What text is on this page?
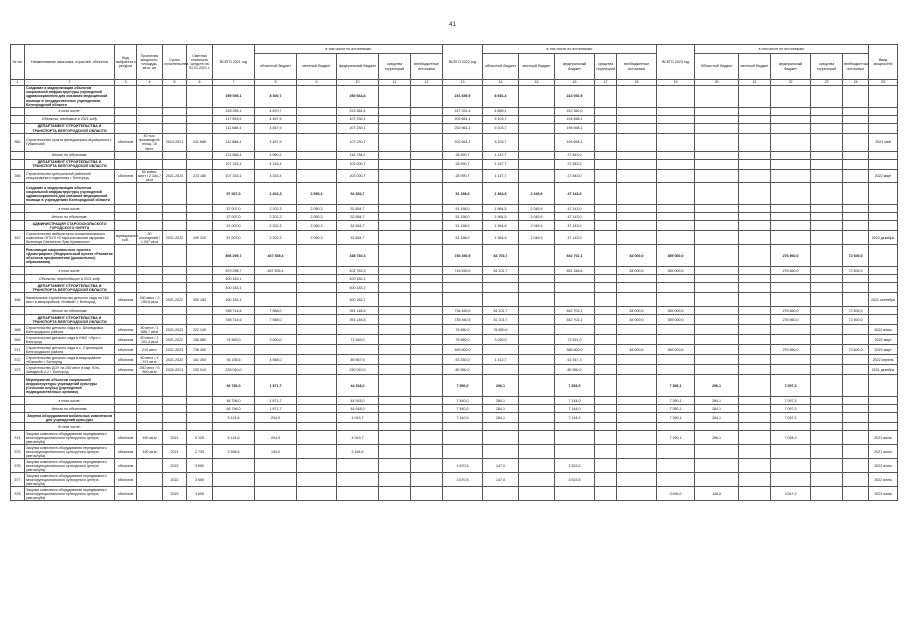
41
№ п/п	Наименование заказчика, отраслей, объектов	Вид выбранного ресурса	Проектная мощность, площадь, кв.м, шт	Сроки строительства	Сметная стоимость средств на 01.01.2021 г.	ВСЕГО 2021 год	в том числе по источникам:					ВСЕГО 2022 год	в том числе по источникам:					ВСЕГО 2023 год	в том числе по источникам:					Ввод мощностей
							областной бюджет	местный бюджет	федеральный бюджет	средства территорий	внебюджетные источники		областной бюджет	местный бюджет	федеральный бюджет	средства территорий	внебюджетные источники		Областной бюджет	местный бюджет	федеральный бюджет	средства территорий	внебюджетные источники	
1	2	3	4	5	6	7	8	9	10	11	12	13	14	15	16	17	18	19	20	21	22	23	24	25
	Создание и модернизация объектов социальной инфраструктуры учреждений здравоохранения для оказания медицинской помощи в государственных учреждениях Белгородской области					259 055,1	8 300,7		250 664,8			231 659,9	8 651,4		222 092,9									
	в том числе:					228 255,1	4 870,7		223 384,4			227 251,4	4 889,4		222 362,0									
	Объекты, вводимые в 2021 году					117 593,5	4 457,9		107 230,1			202 661,1	5 103,7		194 658,1									
	ДЕПАРТАМЕНТ СТРОИТЕЛЬСТВА И ТРАНСПОРТА БЕЛГОРОДСКОЙ ОБЛАСТИ					111 688,4	4 457,9		107 230,1			202 661,1	5 103,7		194 658,1									
562	Строительство пункта фельдшерско-акушерского г. Губкинский	объектов	40 тыс. производств. площ. 15 мест	2019-2021	311 686	111 688,4	4 457,9		107 230,1			202 661,1	5 103,7		194 658,1									2021 май
	Итого по объектам:					121 688,4	4 950,2		116 738,2			28 990,7	1 147,7		27 843,0									
	ДЕПАРТАМЕНТ СТРОИТЕЛЬСТВА И ТРАНСПОРТА БЕЛГОРОДСКОЙ ОБЛАСТИ					107 153,1	4 153,4		103 000,7			28 990,7	1 147,7		27 843,0									
356	Строительство центральной районной стационарного отделения г. Белгород	объектов	50 койко-мест / 2 184,7 кв.м	2021-2023	223 185	107 153,1	4 153,4		103 000,7			28 990,7	1 147,7		27 843,0									2022 март
	Создание и модернизация объектов социальной инфраструктуры учреждений здравоохранения для оказания медицинской помощи в учреждениях Белгородской области					57 007,0	2 202,3	2 050,3	52 654,7			51 158,0	1 964,5	2 045,9	47 143,0									
	в том числе:					57 007,0	2 202,3	2 050,3	52 654,7			51 158,0	1 964,5	2 045,9	47 143,0									
	Итого по объектам:					57 007,0	2 202,3	2 050,3	52 654,7			51 158,0	1 964,5	2 045,9	47 143,0									
	АДМИНИСТРАЦИЯ СТАРООСКОЛЬСКОГО ГОРОДСКОГО ОКРУГА					57 007,0	2 202,3	2 050,3	52 654,7			51 158,0	1 964,5	2 045,9	47 143,0									
467	Строительство амбулаторно-поликлинического комплекса ОГБУЗ «Старооскольская окружная больница Святителя Луки Крымского»	муниципальн. соб.	30 посещений / 1 057 кв.м	2021-2022	109 310	57 007,0	2 202,3	2 050,3	52 654,7			51 158,0	1 964,5	2 045,9	47 143,0									2022 декабрь
	Реализация национального проекта «Демография» (Федеральный проект «Развитие объектов профилактики (дошкольное) образования)					806 295,7	467 535,4		338 760,3			736 450,5	84 703,7		542 702,1		84 000,0	359 000,0			276 560,0		72 600,0	
	в том числе:					870 298,7	467 535,4		402 763,3			716 450,5	81 101,7		551 348,8		84 000,0	359 000,0			276 560,0		72 600,0	
	Объекты, переходящие в 2021 году					400 183,1			400 183,1															
	ДЕПАРТАМЕНТ СТРОИТЕЛЬСТВА И ТРАНСПОРТА БЕЛГОРОДСКОЙ ОБЛАСТИ					400 183,1			400 183,1															
466	Капитальное строительство детского сада на 160 мест в микрорайоне «Новый» г. Белгород	объектов	160 мест / 2 155,8 кв.м	2021-2022	400 183	400 183,1			400 183,1															2021 сентябрь
	Итого по объектам:					398 714,6	7 568,0		391 146,6			736 450,5	81 101,7		542 702,1		84 000,0	359 000,0			276 560,0		72 600,0	
	ДЕПАРТАМЕНТ СТРОИТЕЛЬСТВА И ТРАНСПОРТА БЕЛГОРОДСКОЙ ОБЛАСТИ					398 714,6	7 568,0		391 146,6			736 450,5	81 101,7		542 702,1		84 000,0	359 000,0			276 560,0		72 600,0	
568	Строительство детского сада в с. Безлюдовка Белгородского района	объектов	80 мест / 1 588,7 кв.м	2021-2023	222 145							76 650,0	76 650,0											2022 июнь
569	Строительство детского сада в ИЖС «Луч» г. Белгород	объектов	80 мест / 2 101,4 кв.м	2021-2022	156 560	74 569,0	3 000,0		71 569,0			75 960,0	3 039,0		72 921,0									2022 март
571	Строительство детского сада в с. Стрелецкое Белгородского района	объектов	210 мест	2021-2023	736 450							469 600,0			385 600,0		84 000,0	359 000,0			276 560,0		72 600,0	2023 март
572	Строительство детского сада в микрорайоне «Южный» г. Белгород	объектов	80 мест / 1 374 кв.м	2021-2022	161 260	94 135,6	4 568,0		89 567,6			63 330,0	1 412,7		61 917,3									2022 апрель
573	Строительство ДОУ на 250 мест в мкр. Юго-Западный-2.2 г. Белгород	объектов	250 мест / 5 800 кв.м	2020-2021	230 010	230 010,0			230 010,0			80 950,0			80 950,0									2021 декабрь
	Мероприятия объектов социальной инфраструктуры учреждений культуры (Сельские клубы) (учреждений подведомственных органам)					46 796,0	1 871,7		44 918,0			7 950,0	296,1		7 653,9			7 390,1	296,1		7 097,3			
	в том числе:					46 796,0	1 871,7		44 918,0			7 440,0	284,1		7 144,0			7 390,1	284,1		7 097,3			
	Итого по объектам:					46 796,0	1 871,7		44 918,0			7 440,0	284,1		7 144,0			7 390,1	284,1		7 097,3			
	Закупка оборудования мобильных комплексов для учреждений культуры					5 124,6	204,9		4 919,7			7 440,0	284,1		7 144,0			7 390,1	284,1		7 097,3			
	В том числе:																							
574	Закупка комплекта оборудования передвижного многофункционального культурного центра (автоклуба)	объектов	150 кв.м	2021	5 125	5 124,6	204,9		4 919,7									7 390,1	296,1		7 094,0			2021 июль
575	Закупка комплекта оборудования передвижного многофункционального культурного центра (автоклуба)	объектов	150 кв.м	2021	2 735	2 598,6	104,0		2 494,6															2021 июль
576	Закупка комплекта оборудования передвижного многофункционального культурного центра (автоклуба)	объектов		2022	3 660							3 670,5	147,0		3 523,5									2022 июнь
577	Закупка комплекта оборудования передвижного многофункционального культурного центра (автоклуба)	объектов		2022	3 660							3 670,5	147,0		3 523,5									2022 июнь
578	Закупка комплекта оборудования передвижного многофункционального культурного центра (автоклуба)	объектов		2023	3 695													3 695,0	148,0		3 547,0			2023 июнь
